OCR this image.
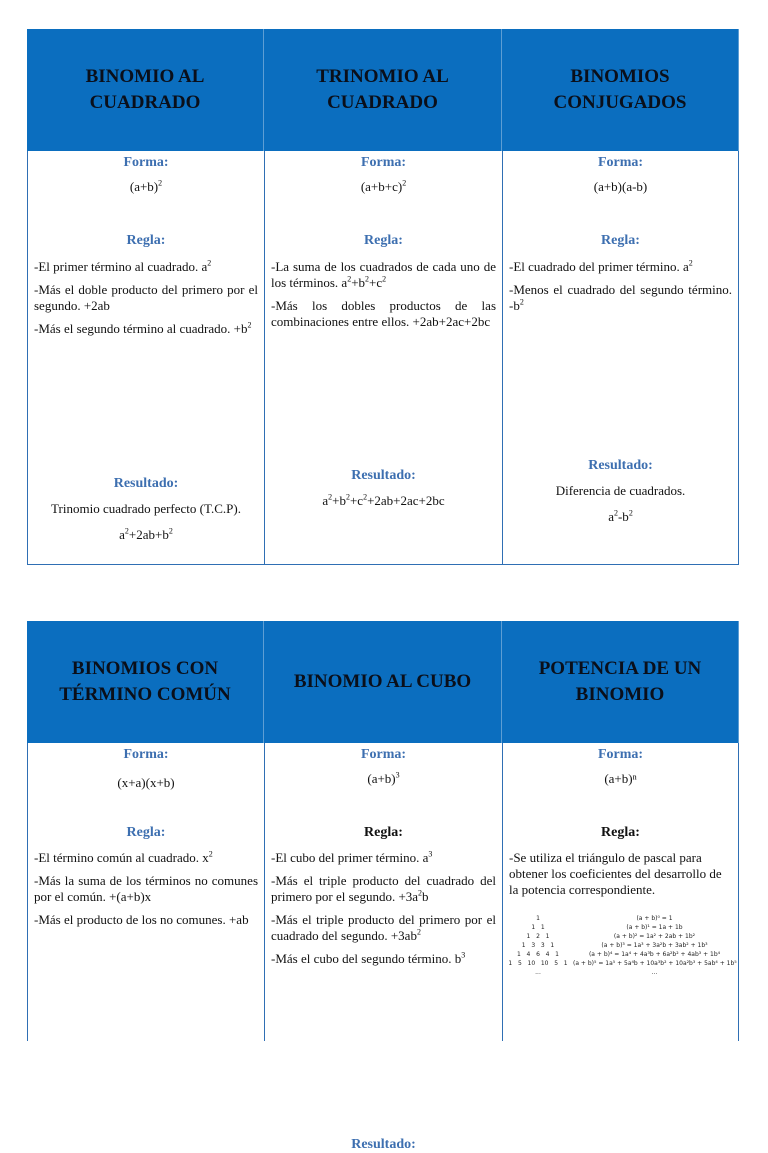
BINOMIO AL CUADRADO
TRINOMIO AL CUADRADO
BINOMIOS CONJUGADOS
Forma:
$(a+b)^2$
Regla:

-El primer término al cuadrado. $a^2$

-Más el doble producto del primero por el segundo. +2ab

-Más el segundo término al cuadrado. $+b^2$

Resultado:
Trinomio cuadrado perfecto (T.C.P).
$a^2+2ab+b^2$
Forma:
$(a+b+c)^2$
Regla:

-La suma de los cuadrados de cada uno de los términos. $a^2+b^2+c^2$

-Más los dobles productos de las combinaciones entre ellos. +2ab+2ac+2bc

Resultado:
$a^2+b^2+c^2+2ab+2ac+2bc$
Forma:
(a+b)(a-b)
Regla:

-El cuadrado del primer término. $a^2$

-Menos el cuadrado del segundo término. $-b^2$

Resultado:
Diferencia de cuadrados.
$a^2-b^2$
BINOMIOS CON TÉRMINO COMÚN
BINOMIO AL CUBO
POTENCIA DE UN BINOMIO
Forma:
(x+a)(x+b)
Regla:

-El término común al cuadrado. $x^2$

-Más la suma de los términos no comunes por el común. +(a+b)x

-Más el producto de los no comunes. +ab

Forma:
$(a+b)^3$
Regla:

-El cubo del primer término. $a^3$

-Más el triple producto del cuadrado del primero por el segundo. $+3a^2b$

-Más el triple producto del primero por el cuadrado del segundo. $+3ab^2$

-Más el cubo del segundo término. $b^3$

Resultado:
Forma:
(a+b)ⁿ
Regla:

-Se utiliza el triángulo de pascal para obtener los coeficientes del desarrollo de la potencia correspondiente.

1
1   1
1   2   1
1   3   3   1
1   4   6   4   1
1   5   10   10   5   1
...
(a + b)⁰ = 1
(a + b)¹ = 1a + 1b
(a + b)² = 1a² + 2ab + 1b²
(a + b)³ = 1a³ + 3a²b + 3ab² + 1b³
(a + b)⁴ = 1a⁴ + 4a³b + 6a²b² + 4ab³ + 1b⁴
(a + b)⁵ = 1a⁵ + 5a⁴b + 10a³b² + 10a²b³ + 5ab⁴ + 1b⁵
...
